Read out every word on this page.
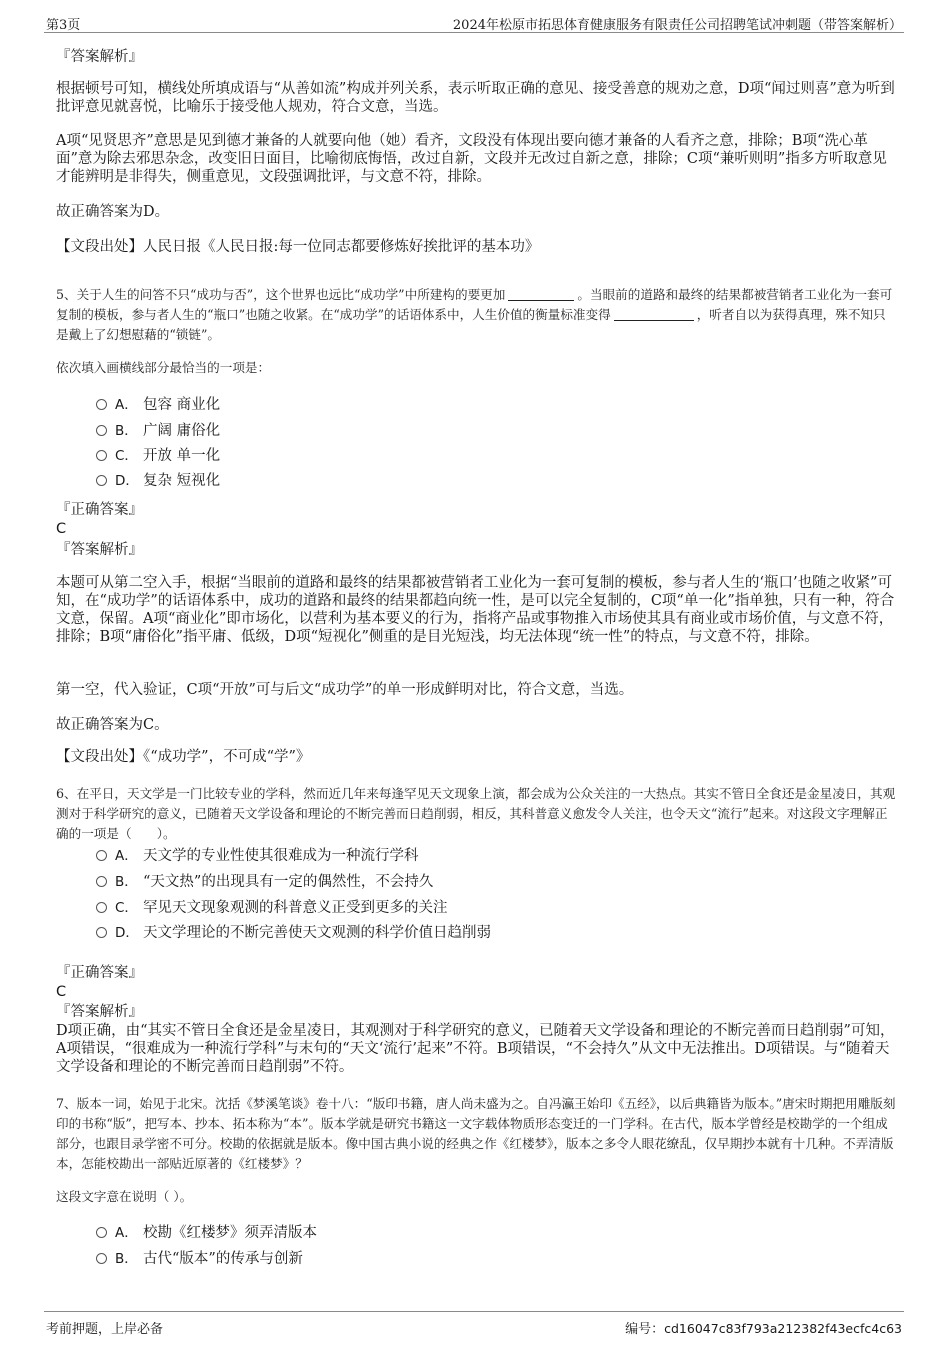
第3页	2024年松原市拓思体育健康服务有限责任公司招聘笔试冲刺题（带答案解析）

『答案解析』

根据顿号可知，横线处所填成语与“从善如流”构成并列关系，表示听取正确的意见、接受善意的规劝之意，D项“闻过则喜”意为听到批评意见就喜悦，比喻乐于接受他人规劝，符合文意，当选。

A项“见贤思齐”意思是见到德才兼备的人就要向他（她）看齐，文段没有体现出要向德才兼备的人看齐之意，排除；B项“洗心革面”意为除去邪思杂念，改变旧日面目，比喻彻底悔悟，改过自新，文段并无改过自新之意，排除；C项“兼听则明”指多方听取意见才能辨明是非得失，侧重意见，文段强调批评，与文意不符，排除。

故正确答案为D。

【文段出处】人民日报《人民日报:每一位同志都要修炼好挨批评的基本功》

5、关于人生的问答不只“成功与否”，这个世界也远比“成功学”中所建构的要更加	。当眼前的道路和最终的结果都被营销者工业化为一套可复制的模板，参与者人生的“瓶口”也随之收紧。在“成功学”的话语体系中，人生价值的衡量标准变得	，听者自以为获得真理，殊不知只是戴上了幻想慰藉的“锁链”。

依次填入画横线部分最恰当的一项是：

A． 包容 商业化
B． 广阔 庸俗化
C． 开放 单一化
D． 复杂 短视化

『正确答案』

C

『答案解析』

本题可从第二空入手，根据“当眼前的道路和最终的结果都被营销者工业化为一套可复制的模板，参与者人生的‘瓶口’也随之收紧”可知，在“成功学”的话语体系中，成功的道路和最终的结果都趋向统一性，是可以完全复制的，C项“单一化”指单独，只有一种，符合文意，保留。A项“商业化”即市场化，以营利为基本要义的行为，指将产品或事物推入市场使其具有商业或市场价值，与文意不符，排除；B项“庸俗化”指平庸、低级，D项“短视化”侧重的是目光短浅，均无法体现“统一性”的特点，与文意不符，排除。

第一空，代入验证，C项“开放”可与后文“成功学”的单一形成鲜明对比，符合文意，当选。

故正确答案为C。

【文段出处】《“成功学”，不可成“学”》

6、在平日，天文学是一门比较专业的学科，然而近几年来每逢罕见天文现象上演，都会成为公众关注的一大热点。其实不管日全食还是金星凌日，其观测对于科学研究的意义，已随着天文学设备和理论的不断完善而日趋削弱，相反，其科普意义愈发令人关注，也令天文“流行”起来。对这段文字理解正确的一项是（　　）。

A． 天文学的专业性使其很难成为一种流行学科
B． “天文热”的出现具有一定的偶然性，不会持久
C． 罕见天文现象观测的科普意义正受到更多的关注
D． 天文学理论的不断完善使天文观测的科学价值日趋削弱

『正确答案』

C

『答案解析』

D项正确，由“其实不管日全食还是金星凌日，其观测对于科学研究的意义，已随着天文学设备和理论的不断完善而日趋削弱”可知，A项错误，“很难成为一种流行学科”与末句的“天文‘流行’起来”不符。B项错误，“不会持久”从文中无法推出。D项错误。与“随着天文学设备和理论的不断完善而日趋削弱”不符。

7、版本一词，始见于北宋。沈括《梦溪笔谈》卷十八：“版印书籍，唐人尚未盛为之。自冯瀛王始印《五经》，以后典籍皆为版本。”唐宋时期把用雕版刻印的书称“版”，把写本、抄本、拓本称为“本”。版本学就是研究书籍这一文字载体物质形态变迁的一门学科。在古代，版本学曾经是校勘学的一个组成部分，也跟目录学密不可分。校勘的依据就是版本。像中国古典小说的经典之作《红楼梦》，版本之多令人眼花缭乱，仅早期抄本就有十几种。不弄清版本，怎能校勘出一部贴近原著的《红楼梦》？

这段文字意在说明（ ）。

A． 校勘《红楼梦》须弄清版本
B． 古代“版本”的传承与创新
考前押题，上岸必备	编号：cd16047c83f793a212382f43ecfc4c63
